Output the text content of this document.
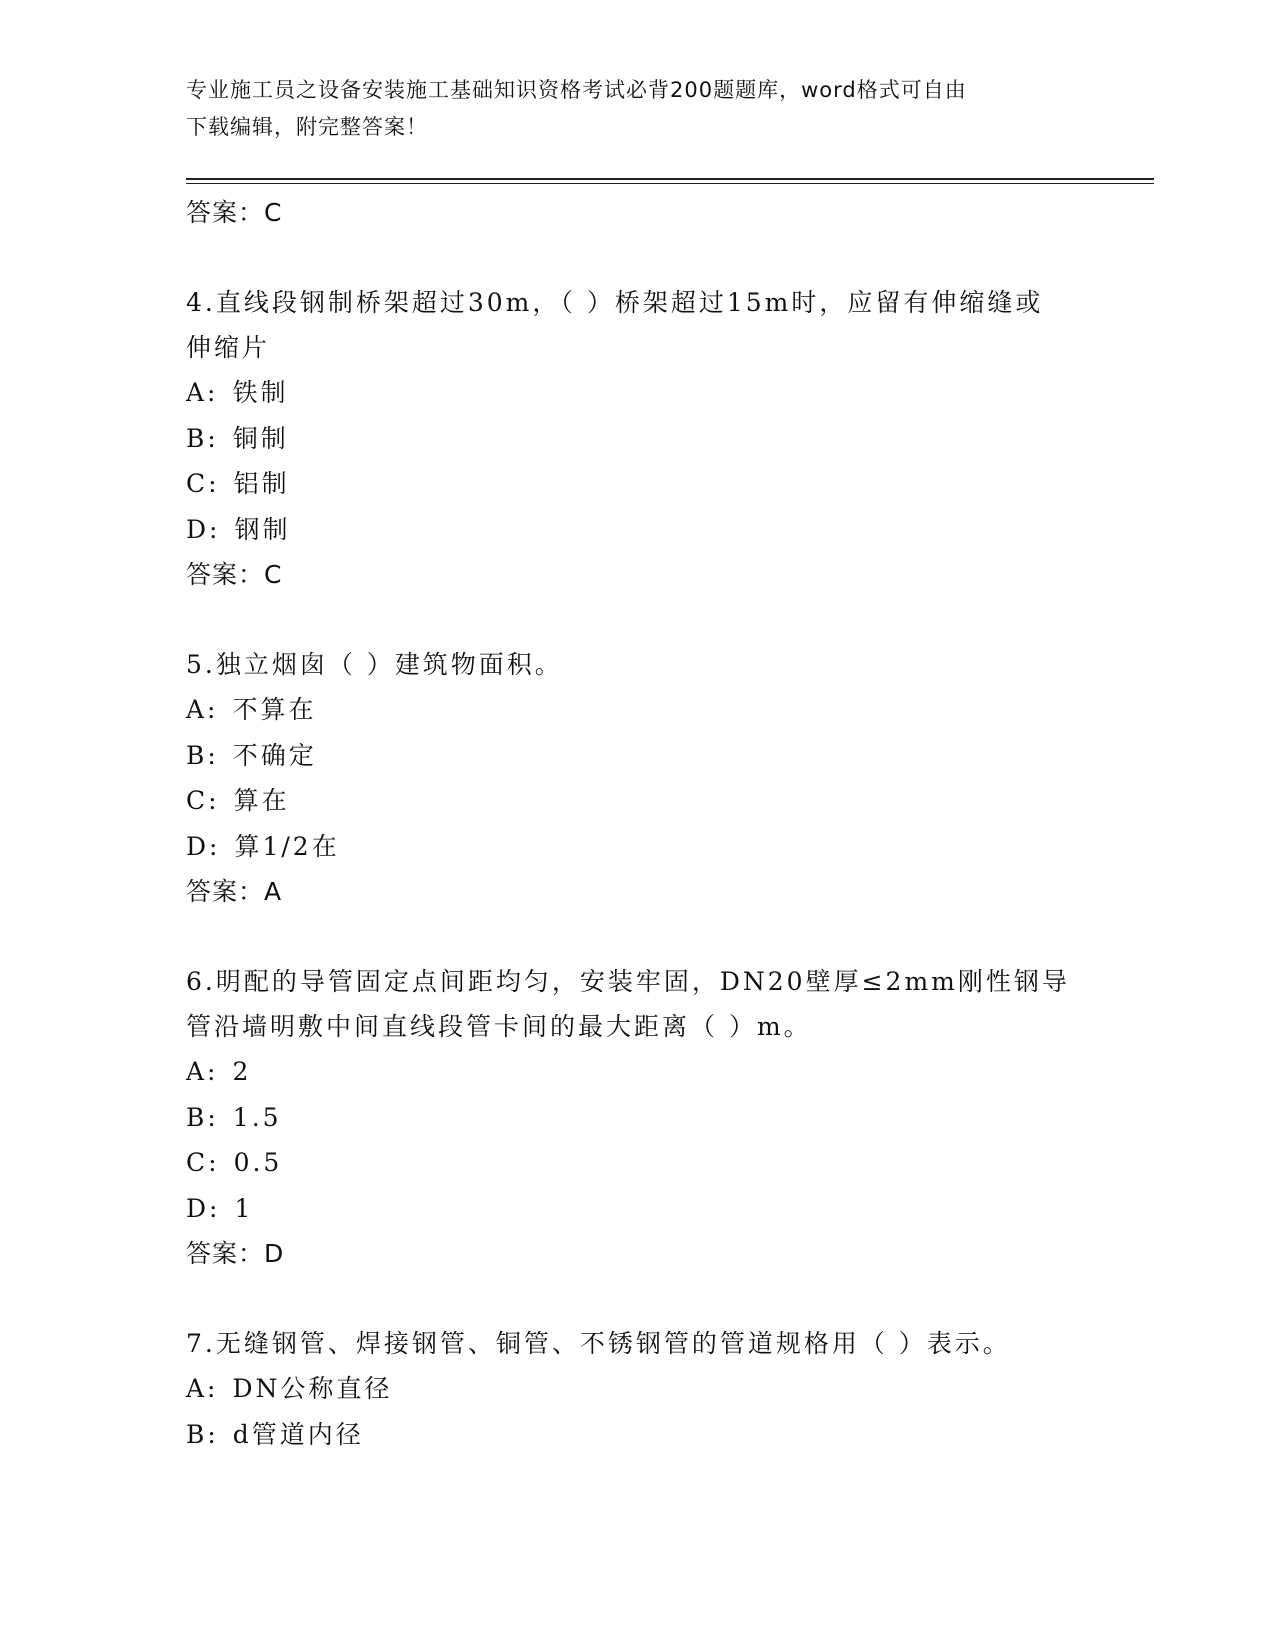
专业施工员之设备安装施工基础知识资格考试必背200题题库，word格式可自由
下载编辑，附完整答案！
答案：C
4.直线段钢制桥架超过30m，（ ）桥架超过15m时，应留有伸缩缝或
伸缩片
A: 铁制
B: 铜制
C: 铝制
D: 钢制
答案：C
5.独立烟囱（ ）建筑物面积。
A: 不算在
B: 不确定
C: 算在
D: 算1/2在
答案：A
6.明配的导管固定点间距均匀，安装牢固，DN20壁厚≤2mm刚性钢导
管沿墙明敷中间直线段管卡间的最大距离（ ）m。
A: 2
B: 1.5
C: 0.5
D: 1
答案：D
7.无缝钢管、焊接钢管、铜管、不锈钢管的管道规格用（ ）表示。
A: DN公称直径
B: d管道内径
